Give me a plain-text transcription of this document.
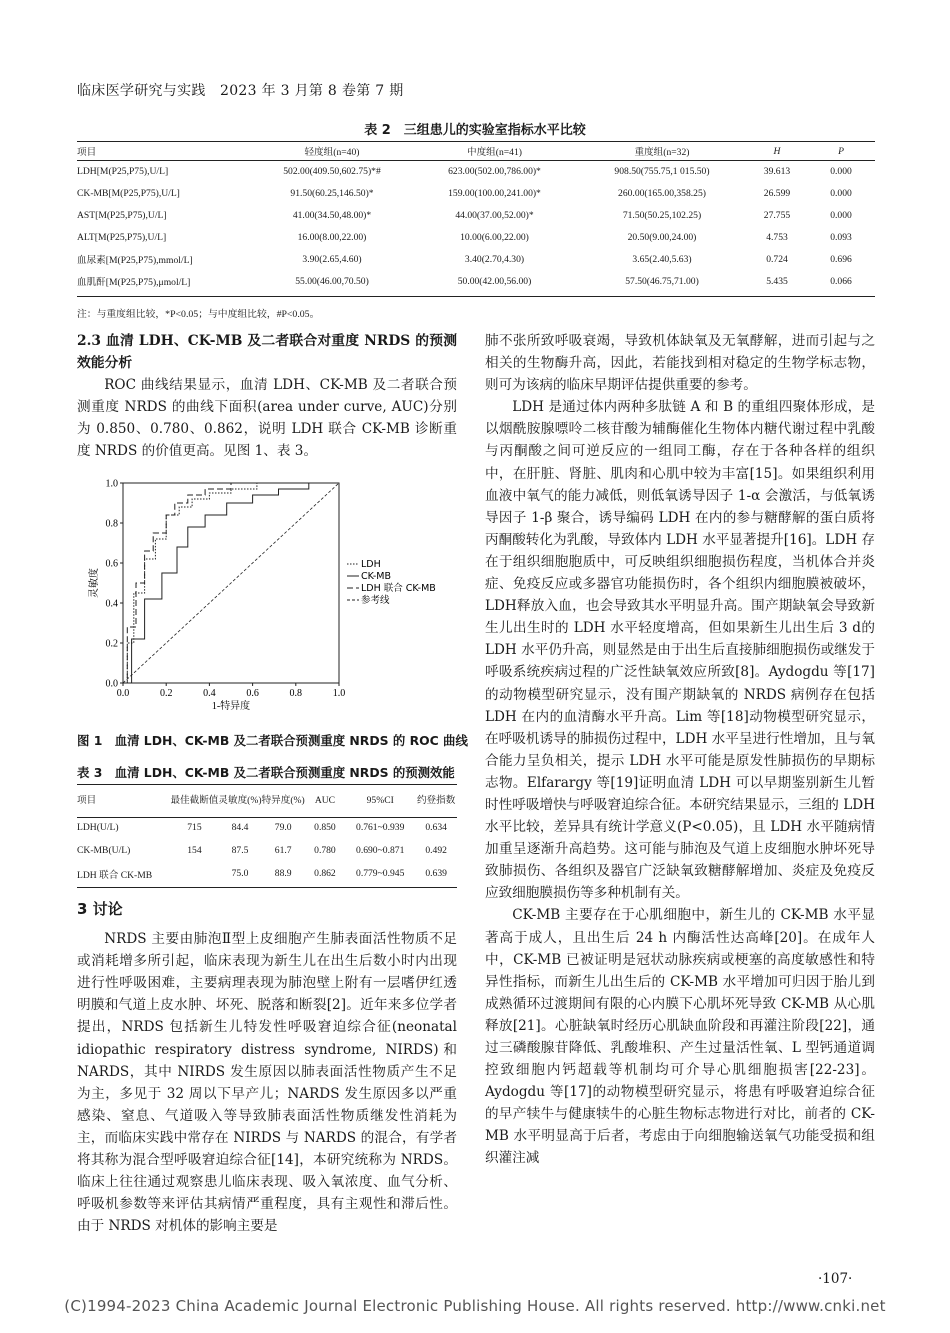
临床医学研究与实践　2023 年 3 月第 8 卷第 7 期
表 2　三组患儿的实验室指标水平比较
项目	轻度组(n=40)	中度组(n=41)	重度组(n=32)	H	P
LDH[M(P25,P75),U/L]	502.00(409.50,602.75)*#	623.00(502.00,786.00)*	908.50(755.75,1 015.50)	39.613	0.000
CK-MB[M(P25,P75),U/L]	91.50(60.25,146.50)*	159.00(100.00,241.00)*	260.00(165.00,358.25)	26.599	0.000
AST[M(P25,P75),U/L]	41.00(34.50,48.00)*	44.00(37.00,52.00)*	71.50(50.25,102.25)	27.755	0.000
ALT[M(P25,P75),U/L]	16.00(8.00,22.00)	10.00(6.00,22.00)	20.50(9.00,24.00)	4.753	0.093
血尿素[M(P25,P75),mmol/L]	3.90(2.65,4.60)	3.40(2.70,4.30)	3.65(2.40,5.63)	0.724	0.696
血肌酐[M(P25,P75),μmol/L]	55.00(46.00,70.50)	50.00(42.00,56.00)	57.50(46.75,71.00)	5.435	0.066
注：与重度组比较，*P<0.05；与中度组比较，#P<0.05。
2.3 血清 LDH、CK-MB 及二者联合对重度 NRDS 的预测效能分析

ROC 曲线结果显示，血清 LDH、CK-MB 及二者联合预测重度 NRDS 的曲线下面积(area under curve, AUC)分别为 0.850、0.780、0.862，说明 LDH 联合 CK-MB 诊断重度 NRDS 的价值更高。见图 1、表 3。

0.0	0.2	0.4	0.6	0.8	1.0
0.0
0.2
0.4
0.6
0.8
1.0
LDH
CK-MB
LDH 联合 CK-MB
参考线
1-特异度
灵敏度
图 1　血清 LDH、CK-MB 及二者联合预测重度 NRDS 的 ROC 曲线
表 3　血清 LDH、CK-MB 及二者联合预测重度 NRDS 的预测效能
项目	最佳截断值	灵敏度(%)	特异度(%)	AUC	95%CI	约登指数
LDH(U/L)	715	84.4	79.0	0.850	0.761~0.939	0.634
CK-MB(U/L)	154	87.5	61.7	0.780	0.690~0.871	0.492
LDH 联合 CK-MB		75.0	88.9	0.862	0.779~0.945	0.639
3 讨论

NRDS 主要由肺泡Ⅱ型上皮细胞产生肺表面活性物质不足或消耗增多所引起，临床表现为新生儿在出生后数小时内出现进行性呼吸困难，主要病理表现为肺泡壁上附有一层嗜伊红透明膜和气道上皮水肿、坏死、脱落和断裂[2]。近年来多位学者提出，NRDS 包括新生儿特发性呼吸窘迫综合征(neonatal idiopathic respiratory distress syndrome, NIRDS)和 NARDS，其中 NIRDS 发生原因以肺表面活性物质产生不足为主，多见于 32 周以下早产儿；NARDS 发生原因多以严重感染、窒息、气道吸入等导致肺表面活性物质继发性消耗为主，而临床实践中常存在 NIRDS 与 NARDS 的混合，有学者将其称为混合型呼吸窘迫综合征[14]，本研究统称为 NRDS。临床上往往通过观察患儿临床表现、吸入氧浓度、血气分析、呼吸机参数等来评估其病情严重程度，具有主观性和滞后性。由于 NRDS 对机体的影响主要是

肺不张所致呼吸衰竭，导致机体缺氧及无氧酵解，进而引起与之相关的生物酶升高，因此，若能找到相对稳定的生物学标志物，则可为该病的临床早期评估提供重要的参考。

LDH 是通过体内两种多肽链 A 和 B 的重组四聚体形成，是以烟酰胺腺嘌呤二核苷酸为辅酶催化生物体内糖代谢过程中乳酸与丙酮酸之间可逆反应的一组同工酶，存在于各种各样的组织中，在肝脏、肾脏、肌肉和心肌中较为丰富[15]。如果组织利用血液中氧气的能力减低，则低氧诱导因子 1-α 会激活，与低氧诱导因子 1-β 聚合，诱导编码 LDH 在内的参与糖酵解的蛋白质将丙酮酸转化为乳酸，导致体内 LDH 水平显著提升[16]。LDH 存在于组织细胞胞质中，可反映组织细胞损伤程度，当机体合并炎症、免疫反应或多器官功能损伤时，各个组织内细胞膜被破坏，LDH释放入血，也会导致其水平明显升高。围产期缺氧会导致新生儿出生时的 LDH 水平轻度增高，但如果新生儿出生后 3 d的 LDH 水平仍升高，则显然是由于出生后直接肺细胞损伤或继发于呼吸系统疾病过程的广泛性缺氧效应所致[8]。Aydogdu 等[17]的动物模型研究显示，没有围产期缺氧的 NRDS 病例存在包括 LDH 在内的血清酶水平升高。Lim 等[18]动物模型研究显示，在呼吸机诱导的肺损伤过程中，LDH 水平呈进行性增加，且与氧合能力呈负相关，提示 LDH 水平可能是原发性肺损伤的早期标志物。Elfarargy 等[19]证明血清 LDH 可以早期鉴别新生儿暂时性呼吸增快与呼吸窘迫综合征。本研究结果显示，三组的 LDH 水平比较，差异具有统计学意义(P<0.05)，且 LDH 水平随病情加重呈逐渐升高趋势。这可能与肺泡及气道上皮细胞水肿坏死导致肺损伤、各组织及器官广泛缺氧致糖酵解增加、炎症及免疫反应致细胞膜损伤等多种机制有关。

CK-MB 主要存在于心肌细胞中，新生儿的 CK-MB 水平显著高于成人，且出生后 24 h 内酶活性达高峰[20]。在成年人中，CK-MB 已被证明是冠状动脉疾病或梗塞的高度敏感性和特异性指标，而新生儿出生后的 CK-MB 水平增加可归因于胎儿到成熟循环过渡期间有限的心内膜下心肌坏死导致 CK-MB 从心肌释放[21]。心脏缺氧时经历心肌缺血阶段和再灌注阶段[22]，通过三磷酸腺苷降低、乳酸堆积、产生过量活性氧、L 型钙通道调控致细胞内钙超载等机制均可介导心肌细胞损害[22-23]。Aydogdu 等[17]的动物模型研究显示，将患有呼吸窘迫综合征的早产犊牛与健康犊牛的心脏生物标志物进行对比，前者的 CK-MB 水平明显高于后者，考虑由于向细胞输送氧气功能受损和组织灌注减

·107·
(C)1994-2023 China Academic Journal Electronic Publishing House. All rights reserved. http://www.cnki.net
